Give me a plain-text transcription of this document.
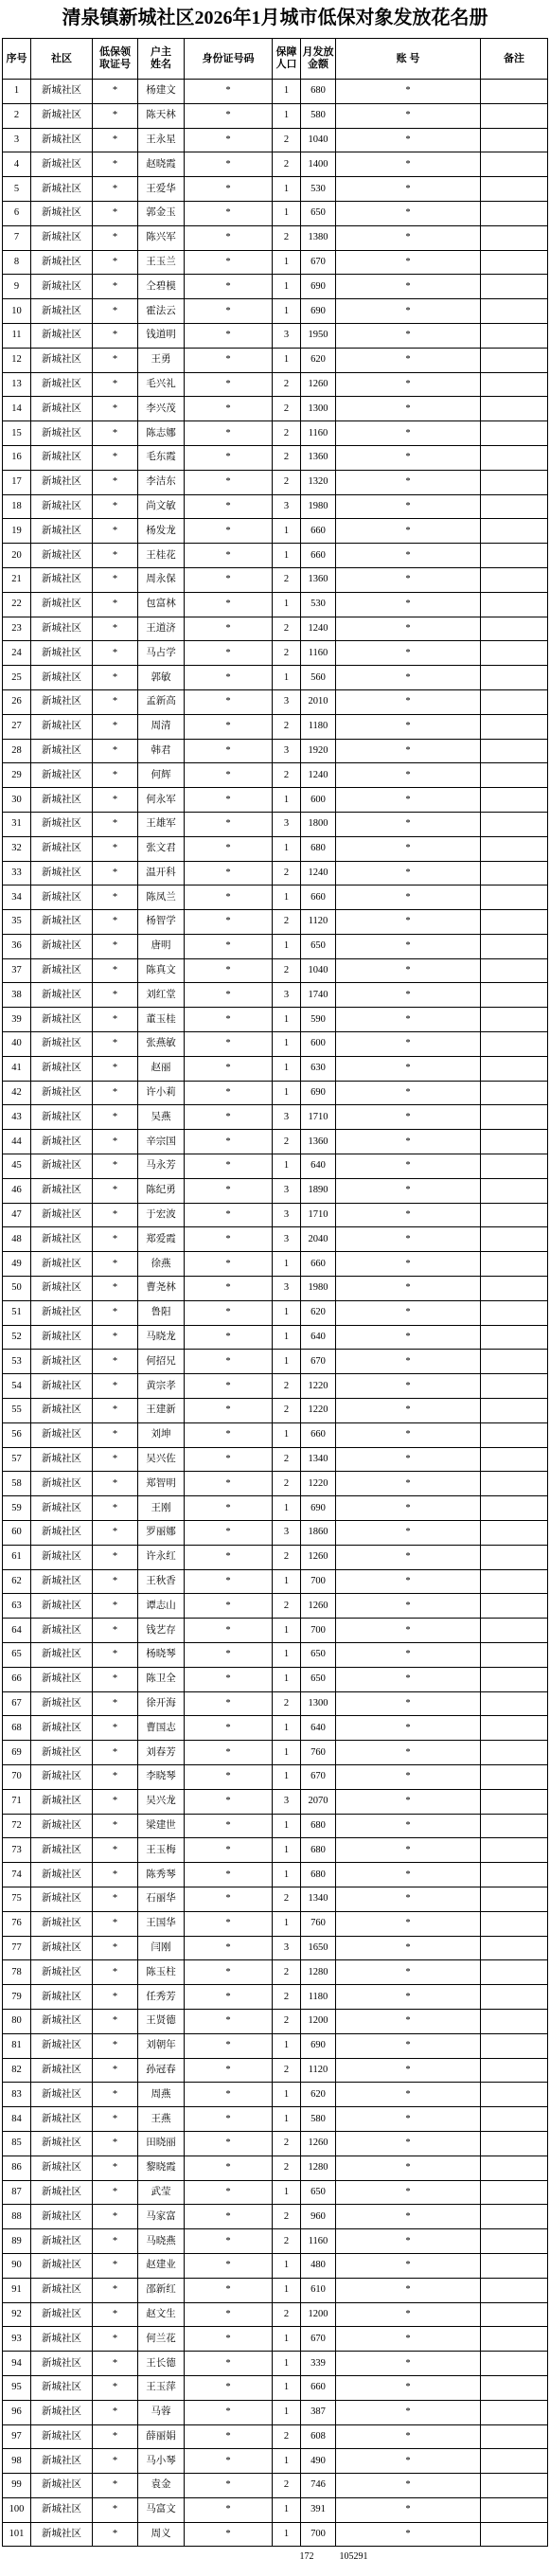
清泉镇新城社区2026年1月城市低保对象发放花名册
序号	社区	低保领
取证号	户主
姓名	身份证号码	保障
人口	月发放
金额	账 号	备注
1	新城社区	*	杨建文	*	1	680	*	
2	新城社区	*	陈天林	*	1	580	*	
3	新城社区	*	王永星	*	2	1040	*	
4	新城社区	*	赵晓霞	*	2	1400	*	
5	新城社区	*	王爱华	*	1	530	*	
6	新城社区	*	郭金玉	*	1	650	*	
7	新城社区	*	陈兴军	*	2	1380	*	
8	新城社区	*	王玉兰	*	1	670	*	
9	新城社区	*	仝碧模	*	1	690	*	
10	新城社区	*	霍法云	*	1	690	*	
11	新城社区	*	钱道明	*	3	1950	*	
12	新城社区	*	王勇	*	1	620	*	
13	新城社区	*	毛兴礼	*	2	1260	*	
14	新城社区	*	李兴茂	*	2	1300	*	
15	新城社区	*	陈志娜	*	2	1160	*	
16	新城社区	*	毛东霞	*	2	1360	*	
17	新城社区	*	李洁东	*	2	1320	*	
18	新城社区	*	尚文敏	*	3	1980	*	
19	新城社区	*	杨发龙	*	1	660	*	
20	新城社区	*	王桂花	*	1	660	*	
21	新城社区	*	周永保	*	2	1360	*	
22	新城社区	*	包富林	*	1	530	*	
23	新城社区	*	王道济	*	2	1240	*	
24	新城社区	*	马占学	*	2	1160	*	
25	新城社区	*	郭敏	*	1	560	*	
26	新城社区	*	孟新高	*	3	2010	*	
27	新城社区	*	周清	*	2	1180	*	
28	新城社区	*	韩君	*	3	1920	*	
29	新城社区	*	何辉	*	2	1240	*	
30	新城社区	*	何永军	*	1	600	*	
31	新城社区	*	王雄军	*	3	1800	*	
32	新城社区	*	张文君	*	1	680	*	
33	新城社区	*	温开科	*	2	1240	*	
34	新城社区	*	陈凤兰	*	1	660	*	
35	新城社区	*	杨智学	*	2	1120	*	
36	新城社区	*	唐明	*	1	650	*	
37	新城社区	*	陈真文	*	2	1040	*	
38	新城社区	*	刘红堂	*	3	1740	*	
39	新城社区	*	董玉桂	*	1	590	*	
40	新城社区	*	张燕敏	*	1	600	*	
41	新城社区	*	赵丽	*	1	630	*	
42	新城社区	*	许小莉	*	1	690	*	
43	新城社区	*	吴燕	*	3	1710	*	
44	新城社区	*	辛宗国	*	2	1360	*	
45	新城社区	*	马永芳	*	1	640	*	
46	新城社区	*	陈纪勇	*	3	1890	*	
47	新城社区	*	于宏波	*	3	1710	*	
48	新城社区	*	郑爱霞	*	3	2040	*	
49	新城社区	*	徐燕	*	1	660	*	
50	新城社区	*	曹尧林	*	3	1980	*	
51	新城社区	*	鲁阳	*	1	620	*	
52	新城社区	*	马晓龙	*	1	640	*	
53	新城社区	*	何招兄	*	1	670	*	
54	新城社区	*	黄宗孝	*	2	1220	*	
55	新城社区	*	王建新	*	2	1220	*	
56	新城社区	*	刘坤	*	1	660	*	
57	新城社区	*	吴兴佐	*	2	1340	*	
58	新城社区	*	郑智明	*	2	1220	*	
59	新城社区	*	王刚	*	1	690	*	
60	新城社区	*	罗丽娜	*	3	1860	*	
61	新城社区	*	许永红	*	2	1260	*	
62	新城社区	*	王秋香	*	1	700	*	
63	新城社区	*	谭志山	*	2	1260	*	
64	新城社区	*	钱艺存	*	1	700	*	
65	新城社区	*	杨晓琴	*	1	650	*	
66	新城社区	*	陈卫全	*	1	650	*	
67	新城社区	*	徐开海	*	2	1300	*	
68	新城社区	*	曹国志	*	1	640	*	
69	新城社区	*	刘春芳	*	1	760	*	
70	新城社区	*	李晓琴	*	1	670	*	
71	新城社区	*	吴兴龙	*	3	2070	*	
72	新城社区	*	梁建世	*	1	680	*	
73	新城社区	*	王玉梅	*	1	680	*	
74	新城社区	*	陈秀琴	*	1	680	*	
75	新城社区	*	石丽华	*	2	1340	*	
76	新城社区	*	王国华	*	1	760	*	
77	新城社区	*	闫刚	*	3	1650	*	
78	新城社区	*	陈玉柱	*	2	1280	*	
79	新城社区	*	任秀芳	*	2	1180	*	
80	新城社区	*	王贤德	*	2	1200	*	
81	新城社区	*	刘朝年	*	1	690	*	
82	新城社区	*	孙冠春	*	2	1120	*	
83	新城社区	*	周燕	*	1	620	*	
84	新城社区	*	王燕	*	1	580	*	
85	新城社区	*	田晓丽	*	2	1260	*	
86	新城社区	*	黎晓霞	*	2	1280	*	
87	新城社区	*	武莹	*	1	650	*	
88	新城社区	*	马家富	*	2	960	*	
89	新城社区	*	马晓燕	*	2	1160	*	
90	新城社区	*	赵建业	*	1	480	*	
91	新城社区	*	邵新红	*	1	610	*	
92	新城社区	*	赵文生	*	2	1200	*	
93	新城社区	*	何兰花	*	1	670	*	
94	新城社区	*	王长德	*	1	339	*	
95	新城社区	*	王玉萍	*	1	660	*	
96	新城社区	*	马蓉	*	1	387	*	
97	新城社区	*	薛丽娟	*	2	608	*	
98	新城社区	*	马小琴	*	1	490	*	
99	新城社区	*	袁金	*	2	746	*	
100	新城社区	*	马富文	*	1	391	*	
101	新城社区	*	周义	*	1	700	*	

172 105291								
